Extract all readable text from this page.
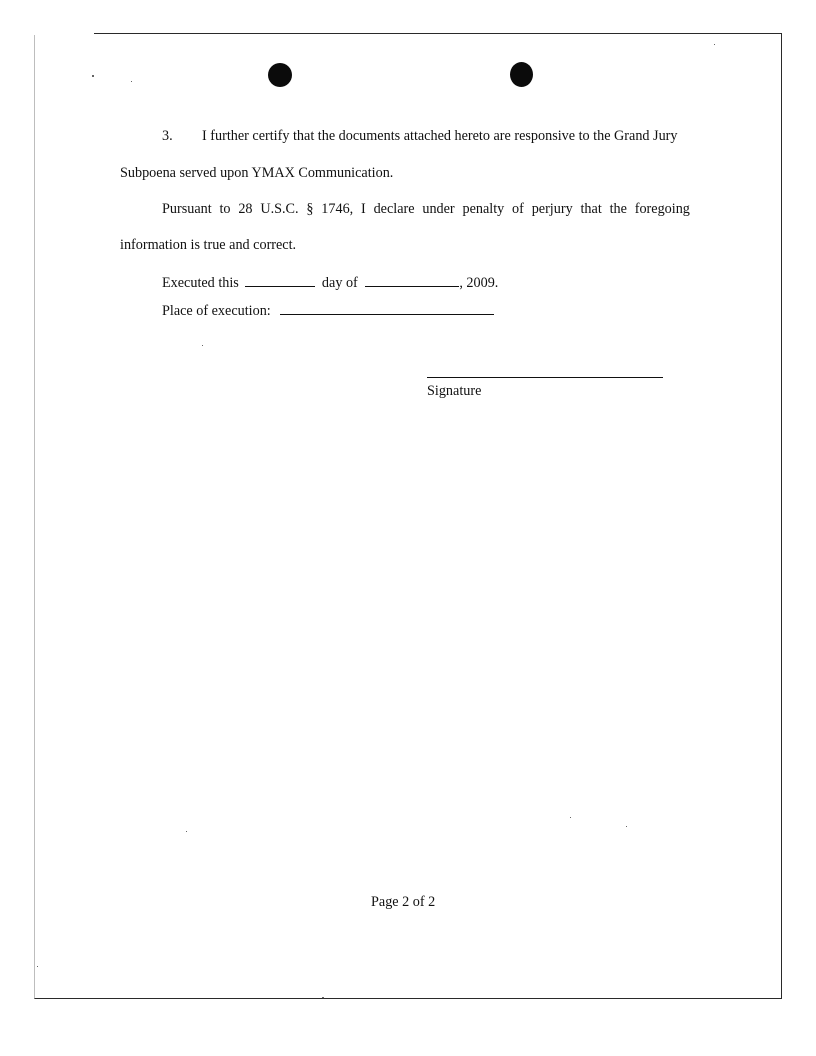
3. I further certify that the documents attached hereto are responsive to the Grand Jury
Subpoena served upon YMAX Communication.
Pursuant to 28 U.S.C. § 1746, I declare under penalty of perjury that the foregoing
information is true and correct.
Executed this	day of	, 2009.
Place of execution:
Signature
Page 2 of 2
